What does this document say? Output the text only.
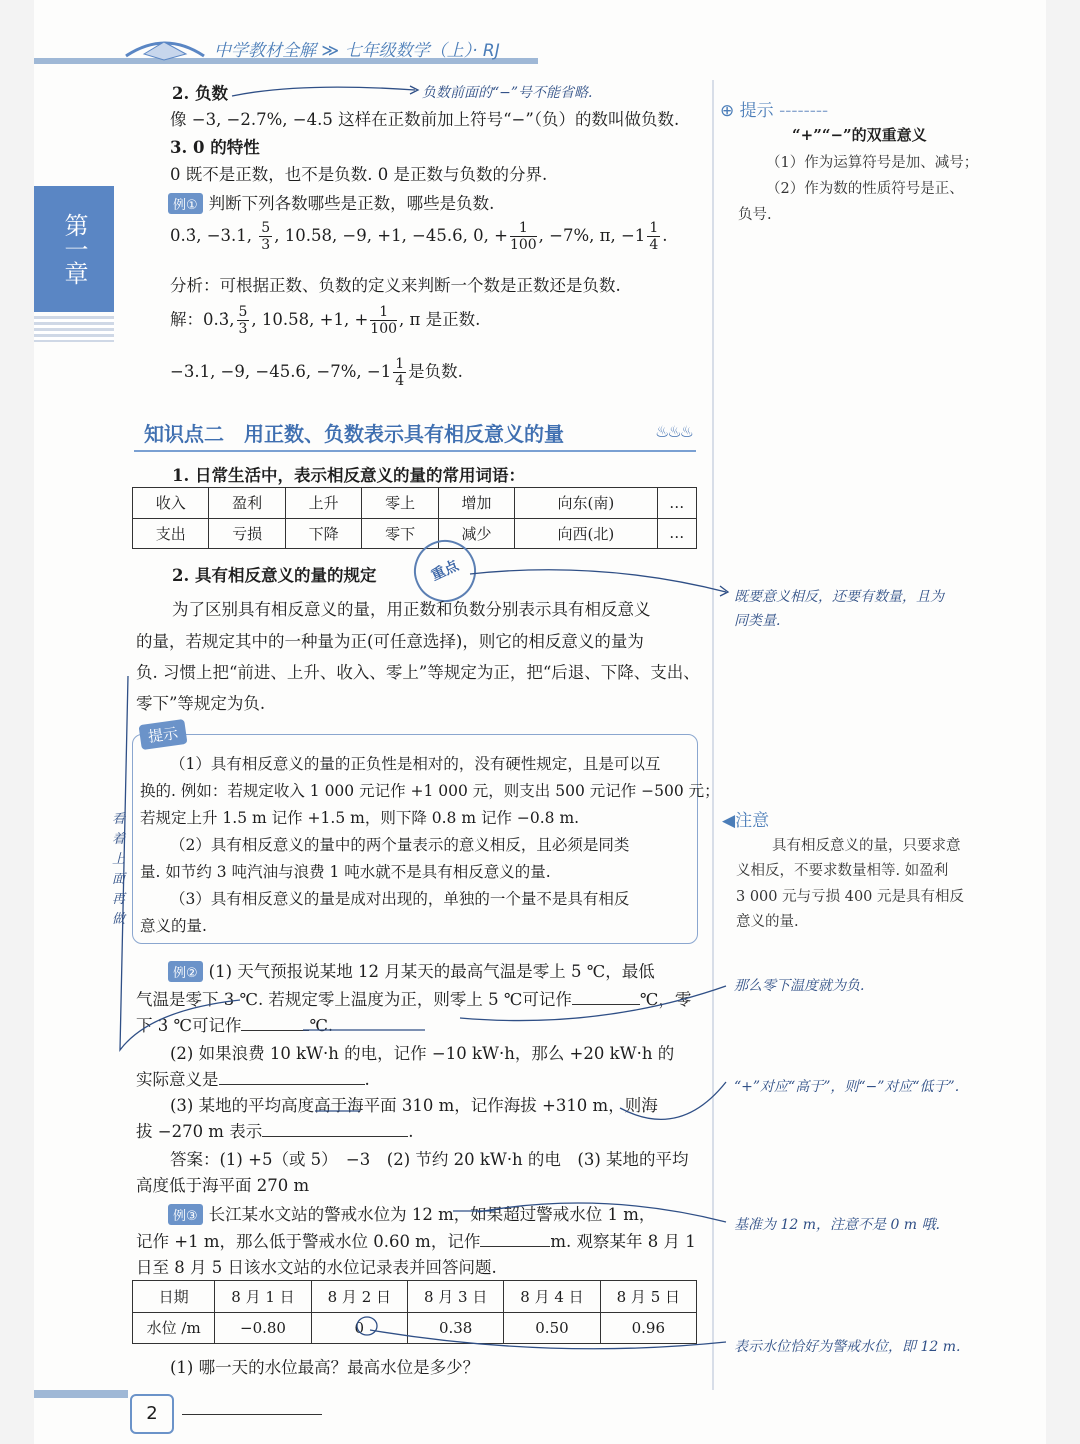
中学教材全解 ≫ 七年级数学（上）· RJ
第一章

2. 负数

像 −3, −2.7%, −4.5 这样在正数前加上符号“−”（负）的数叫做负数.

3. 0 的特性

0 既不是正数，也不是负数. 0 是正数与负数的分界.

例① 判断下列各数哪些是正数，哪些是负数.

0.3̇, −3.1, $\frac{5}{3}$ , 10.58, −9, +1, −45.6, 0, + $\frac{1}{100}$ , −7%, π, $-1 \frac{1}{4}$ .

分析：可根据正数、负数的定义来判断一个数是正数还是负数.

解：0.3̇, $\frac{5}{3}$ , 10.58, +1, + $\frac{1}{100}$ , π 是正数.

−3.1, −9, −45.6, −7%, $-1 \frac{1}{4}$ 是负数.

知识点二　用正数、负数表示具有相反意义的量	♨♨♨

1. 日常生活中，表示相反意义的量的常用词语：

收入	盈利	上升	零上	增加	向东(南)	…
支出	亏损	下降	零下	减少	向西(北)	…

2. 具有相反意义的量的规定	重点

为了区别具有相反意义的量，用正数和负数分别表示具有相反意义

的量，若规定其中的一种量为正(可任意选择)，则它的相反意义的量为

负. 习惯上把“前进、上升、收入、零上”等规定为正，把“后退、下降、支出、

零下”等规定为负.

提示

（1）具有相反意义的量的正负性是相对的，没有硬性规定，且是可以互

换的. 例如：若规定收入 1 000 元记作 +1 000 元，则支出 500 元记作 −500 元；

若规定上升 1.5 m 记作 +1.5 m，则下降 0.8 m 记作 −0.8 m.

（2）具有相反意义的量中的两个量表示的意义相反，且必须是同类

量. 如节约 3 吨汽油与浪费 1 吨水就不是具有相反意义的量.

（3）具有相反意义的量是成对出现的，单独的一个量不是具有相反

意义的量.

例② (1) 天气预报说某地 12 月某天的最高气温是零上 5 ℃，最低

气温是零下 3 ℃. 若规定零上温度为正，则零上 5 ℃可记作	℃，零

下 3 ℃可记作	℃.

(2) 如果浪费 10 kW·h 的电，记作 −10 kW·h，那么 +20 kW·h 的

实际意义是	.

(3) 某地的平均高度高于海平面 310 m，记作海拔 +310 m，则海

拔 −270 m 表示	.

答案：(1) +5（或 5）　−3　(2) 节约 20 kW·h 的电　(3) 某地的平均

高度低于海平面 270 m

例③ 长江某水文站的警戒水位为 12 m，如果超过警戒水位 1 m，

记作 +1 m，那么低于警戒水位 0.60 m，记作	m. 观察某年 8 月 1

日至 8 月 5 日该水文站的水位记录表并回答问题.

日期	8 月 1 日	8 月 2 日	8 月 3 日	8 月 4 日	8 月 5 日
水位 /m	−0.80	0	0.38	0.50	0.96

(1) 哪一天的水位最高？最高水位是多少？

⊕ 提示 --------

“+”“−”的双重意义

（1）作为运算符号是加、减号；
（2）作为数的性质符号是正、
负号.
◀注意
具有相反意义的量，只要求意
义相反，不要求数量相等. 如盈利
3 000 元与亏损 400 元是具有相反
意义的量.
负数前面的“−”号不能省略.
既要意义相反，还要有数量，且为
同类量.
那么零下温度就为负.
“+”对应“高于”，则“−”对应“低于”.
基准为 12 m，注意不是 0 m 哦.
表示水位恰好为警戒水位，即 12 m.
看着上面再做
2
